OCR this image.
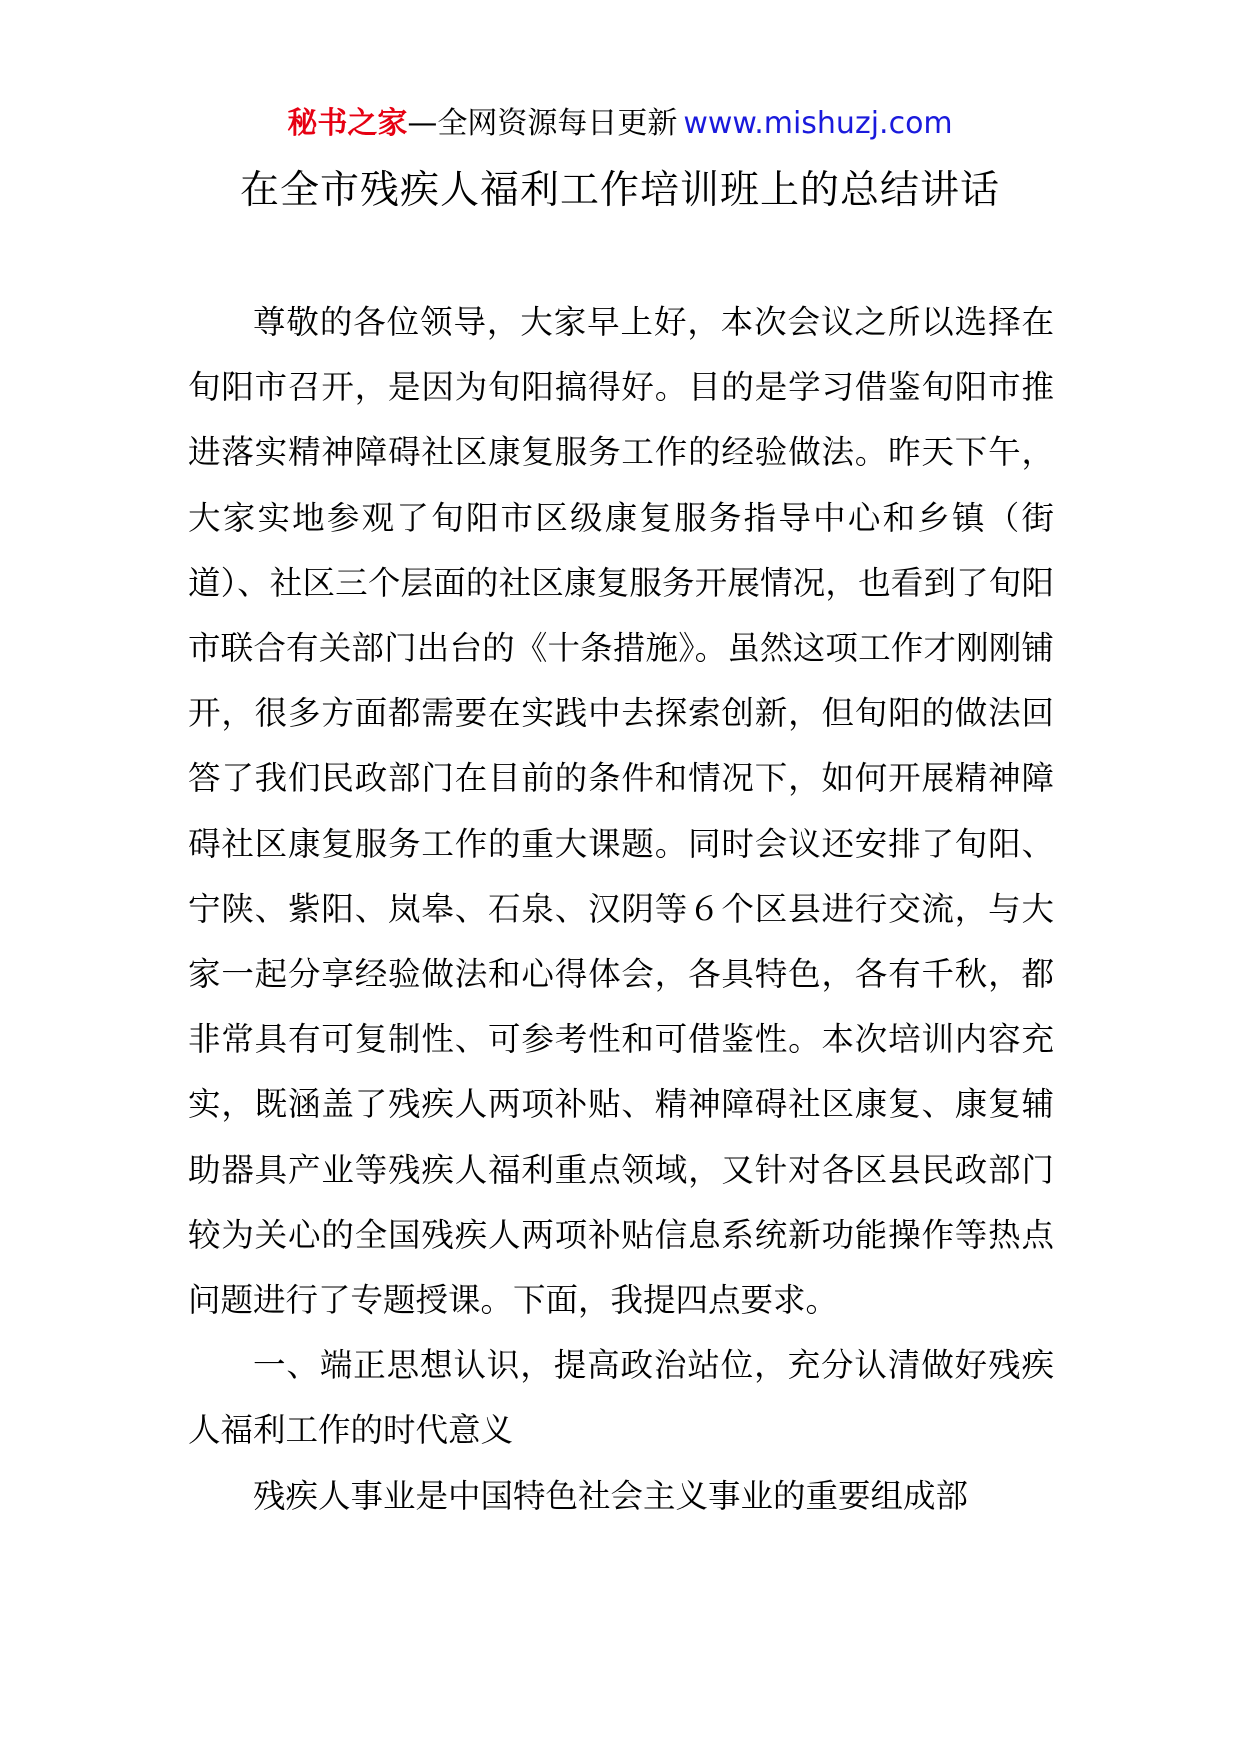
秘书之家—全网资源每日更新 www.mishuzj.com
在全市残疾人福利工作培训班上的总结讲话

尊敬的各位领导，大家早上好，本次会议之所以选择在旬阳市召开，是因为旬阳搞得好。目的是学习借鉴旬阳市推进落实精神障碍社区康复服务工作的经验做法。昨天下午，大家实地参观了旬阳市区级康复服务指导中心和乡镇（街道）、社区三个层面的社区康复服务开展情况，也看到了旬阳市联合有关部门出台的《十条措施》。虽然这项工作才刚刚铺开，很多方面都需要在实践中去探索创新，但旬阳的做法回答了我们民政部门在目前的条件和情况下，如何开展精神障碍社区康复服务工作的重大课题。同时会议还安排了旬阳、宁陕、紫阳、岚皋、石泉、汉阴等６个区县进行交流，与大家一起分享经验做法和心得体会，各具特色，各有千秋，都非常具有可复制性、可参考性和可借鉴性。本次培训内容充实，既涵盖了残疾人两项补贴、精神障碍社区康复、康复辅助器具产业等残疾人福利重点领域，又针对各区县民政部门较为关心的全国残疾人两项补贴信息系统新功能操作等热点问题进行了专题授课。下面，我提四点要求。

一、端正思想认识，提高政治站位，充分认清做好残疾人福利工作的时代意义

残疾人事业是中国特色社会主义事业的重要组成部
